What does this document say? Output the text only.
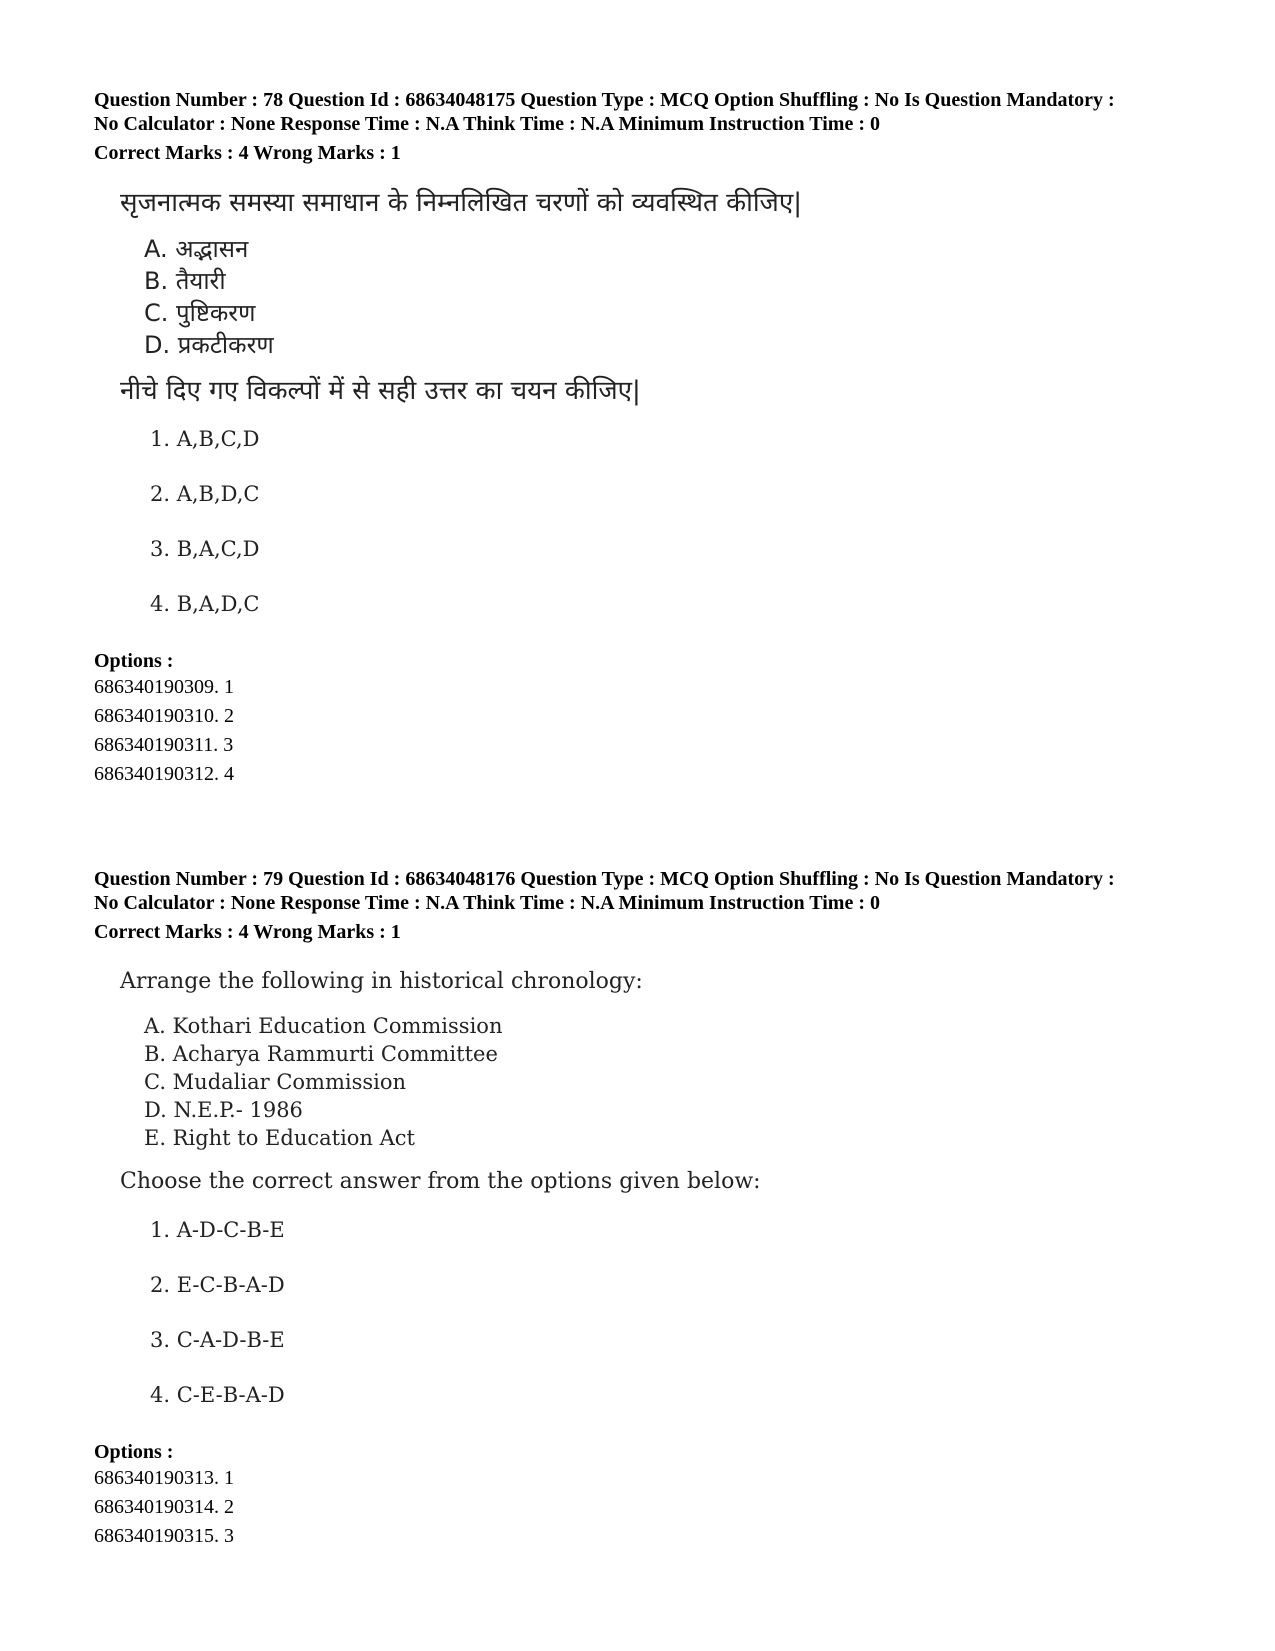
Question Number : 78 Question Id : 68634048175 Question Type : MCQ Option Shuffling : No Is Question Mandatory :
No Calculator : None Response Time : N.A Think Time : N.A Minimum Instruction Time : 0
Correct Marks : 4 Wrong Marks : 1
सृजनात्मक समस्या समाधान के निम्नलिखित चरणों को व्यवस्थित कीजिए|
A. अद्भासन
B. तैयारी
C. पुष्टिकरण
D. प्रकटीकरण
नीचे दिए गए विकल्पों में से सही उत्तर का चयन कीजिए|
1. A,B,C,D
2. A,B,D,C
3. B,A,C,D
4. B,A,D,C
Options :
686340190309. 1
686340190310. 2
686340190311. 3
686340190312. 4
Question Number : 79 Question Id : 68634048176 Question Type : MCQ Option Shuffling : No Is Question Mandatory :
No Calculator : None Response Time : N.A Think Time : N.A Minimum Instruction Time : 0
Correct Marks : 4 Wrong Marks : 1
Arrange the following in historical chronology:
A. Kothari Education Commission
B. Acharya Rammurti Committee
C. Mudaliar Commission
D. N.E.P.- 1986
E. Right to Education Act
Choose the correct answer from the options given below:
1. A-D-C-B-E
2. E-C-B-A-D
3. C-A-D-B-E
4. C-E-B-A-D
Options :
686340190313. 1
686340190314. 2
686340190315. 3
